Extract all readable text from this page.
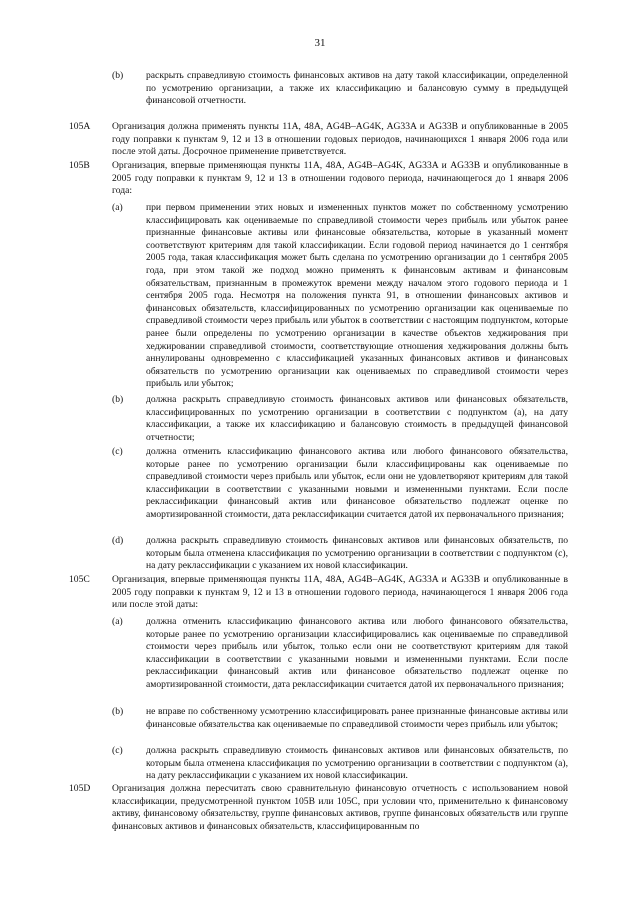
31
(b) раскрыть справедливую стоимость финансовых активов на дату такой классификации, определенной по усмотрению организации, а также их классификацию и балансовую сумму в предыдущей финансовой отчетности.
105A Организация должна применять пункты 11A, 48A, AG4B–AG4K, AG33A и AG33B и опубликованные в 2005 году поправки к пунктам 9, 12 и 13 в отношении годовых периодов, начинающихся 1 января 2006 года или после этой даты. Досрочное применение приветствуется.
105B Организация, впервые применяющая пункты 11A, 48A, AG4B–AG4K, AG33A и AG33B и опубликованные в 2005 году поправки к пунктам 9, 12 и 13 в отношении годового периода, начинающегося до 1 января 2006 года:
(a) при первом применении этих новых и измененных пунктов может по собственному усмотрению классифицировать как оцениваемые по справедливой стоимости через прибыль или убыток ранее признанные финансовые активы или финансовые обязательства, которые в указанный момент соответствуют критериям для такой классификации. Если годовой период начинается до 1 сентября 2005 года, такая классификация может быть сделана по усмотрению организации до 1 сентября 2005 года, при этом такой же подход можно применять к финансовым активам и финансовым обязательствам, признанным в промежуток времени между началом этого годового периода и 1 сентября 2005 года. Несмотря на положения пункта 91, в отношении финансовых активов и финансовых обязательств, классифицированных по усмотрению организации как оцениваемые по справедливой стоимости через прибыль или убыток в соответствии с настоящим подпунктом, которые ранее были определены по усмотрению организации в качестве объектов хеджирования при хеджировании справедливой стоимости, соответствующие отношения хеджирования должны быть аннулированы одновременно с классификацией указанных финансовых активов и финансовых обязательств по усмотрению организации как оцениваемых по справедливой стоимости через прибыль или убыток;
(b) должна раскрыть справедливую стоимость финансовых активов или финансовых обязательств, классифицированных по усмотрению организации в соответствии с подпунктом (a), на дату классификации, а также их классификацию и балансовую стоимость в предыдущей финансовой отчетности;
(c) должна отменить классификацию финансового актива или любого финансового обязательства, которые ранее по усмотрению организации были классифицированы как оцениваемые по справедливой стоимости через прибыль или убыток, если они не удовлетворяют критериям для такой классификации в соответствии с указанными новыми и измененными пунктами. Если после реклассификации финансовый актив или финансовое обязательство подлежат оценке по амортизированной стоимости, дата реклассификации считается датой их первоначального признания;
(d) должна раскрыть справедливую стоимость финансовых активов или финансовых обязательств, по которым была отменена классификация по усмотрению организации в соответствии с подпунктом (c), на дату реклассификации с указанием их новой классификации.
105C Организация, впервые применяющая пункты 11A, 48A, AG4B–AG4K, AG33A и AG33B и опубликованные в 2005 году поправки к пунктам 9, 12 и 13 в отношении годового периода, начинающегося 1 января 2006 года или после этой даты:
(a) должна отменить классификацию финансового актива или любого финансового обязательства, которые ранее по усмотрению организации классифицировались как оцениваемые по справедливой стоимости через прибыль или убыток, только если они не соответствуют критериям для такой классификации в соответствии с указанными новыми и измененными пунктами. Если после реклассификации финансовый актив или финансовое обязательство подлежат оценке по амортизированной стоимости, дата реклассификации считается датой их первоначального признания;
(b) не вправе по собственному усмотрению классифицировать ранее признанные финансовые активы или финансовые обязательства как оцениваемые по справедливой стоимости через прибыль или убыток;
(c) должна раскрыть справедливую стоимость финансовых активов или финансовых обязательств, по которым была отменена классификация по усмотрению организации в соответствии с подпунктом (a), на дату реклассификации с указанием их новой классификации.
105D Организация должна пересчитать свою сравнительную финансовую отчетность с использованием новой классификации, предусмотренной пунктом 105B или 105C, при условии что, применительно к финансовому активу, финансовому обязательству, группе финансовых активов, группе финансовых обязательств или группе финансовых активов и финансовых обязательств, классифицированным по
